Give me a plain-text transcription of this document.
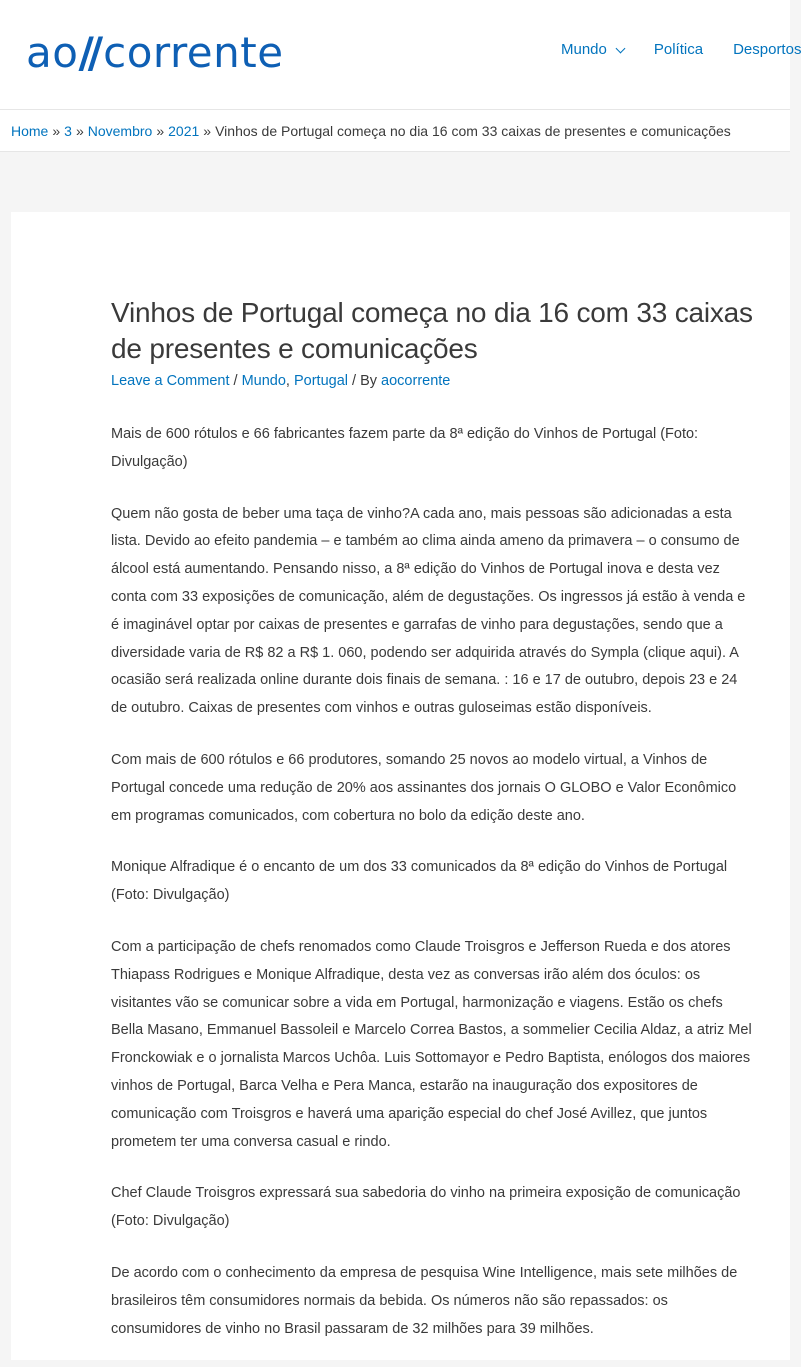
ao// corrente	Mundo	Política Desportos
Home » 3 » Novembro » 2021 » Vinhos de Portugal começa no dia 16 com 33 caixas de presentes e comunicações
Vinhos de Portugal começa no dia 16 com 33 caixas de presentes e comunicações
Leave a Comment / Mundo, Portugal / By aocorrente

Mais de 600 rótulos e 66 fabricantes fazem parte da 8ª edição do Vinhos de Portugal (Foto: Divulgação)

Quem não gosta de beber uma taça de vinho?A cada ano, mais pessoas são adicionadas a esta lista. Devido ao efeito pandemia – e também ao clima ainda ameno da primavera – o consumo de álcool está aumentando. Pensando nisso, a 8ª edição do Vinhos de Portugal inova e desta vez conta com 33 exposições de comunicação, além de degustações. Os ingressos já estão à venda e é imaginável optar por caixas de presentes e garrafas de vinho para degustações, sendo que a diversidade varia de R$ 82 a R$ 1. 060, podendo ser adquirida através do Sympla (clique aqui). A ocasião será realizada online durante dois finais de semana. : 16 e 17 de outubro, depois 23 e 24 de outubro. Caixas de presentes com vinhos e outras guloseimas estão disponíveis.

Com mais de 600 rótulos e 66 produtores, somando 25 novos ao modelo virtual, a Vinhos de Portugal concede uma redução de 20% aos assinantes dos jornais O GLOBO e Valor Econômico em programas comunicados, com cobertura no bolo da edição deste ano.

Monique Alfradique é o encanto de um dos 33 comunicados da 8ª edição do Vinhos de Portugal (Foto: Divulgação)

Com a participação de chefs renomados como Claude Troisgros e Jefferson Rueda e dos atores Thiapass Rodrigues e Monique Alfradique, desta vez as conversas irão além dos óculos: os visitantes vão se comunicar sobre a vida em Portugal, harmonização e viagens. Estão os chefs Bella Masano, Emmanuel Bassoleil e Marcelo Correa Bastos, a sommelier Cecilia Aldaz, a atriz Mel Fronckowiak e o jornalista Marcos Uchôa. Luis Sottomayor e Pedro Baptista, enólogos dos maiores vinhos de Portugal, Barca Velha e Pera Manca, estarão na inauguração dos expositores de comunicação com Troisgros e haverá uma aparição especial do chef José Avillez, que juntos prometem ter uma conversa casual e rindo.

Chef Claude Troisgros expressará sua sabedoria do vinho na primeira exposição de comunicação (Foto: Divulgação)

De acordo com o conhecimento da empresa de pesquisa Wine Intelligence, mais sete milhões de brasileiros têm consumidores normais da bebida. Os números não são repassados: os consumidores de vinho no Brasil passaram de 32 milhões para 39 milhões.
